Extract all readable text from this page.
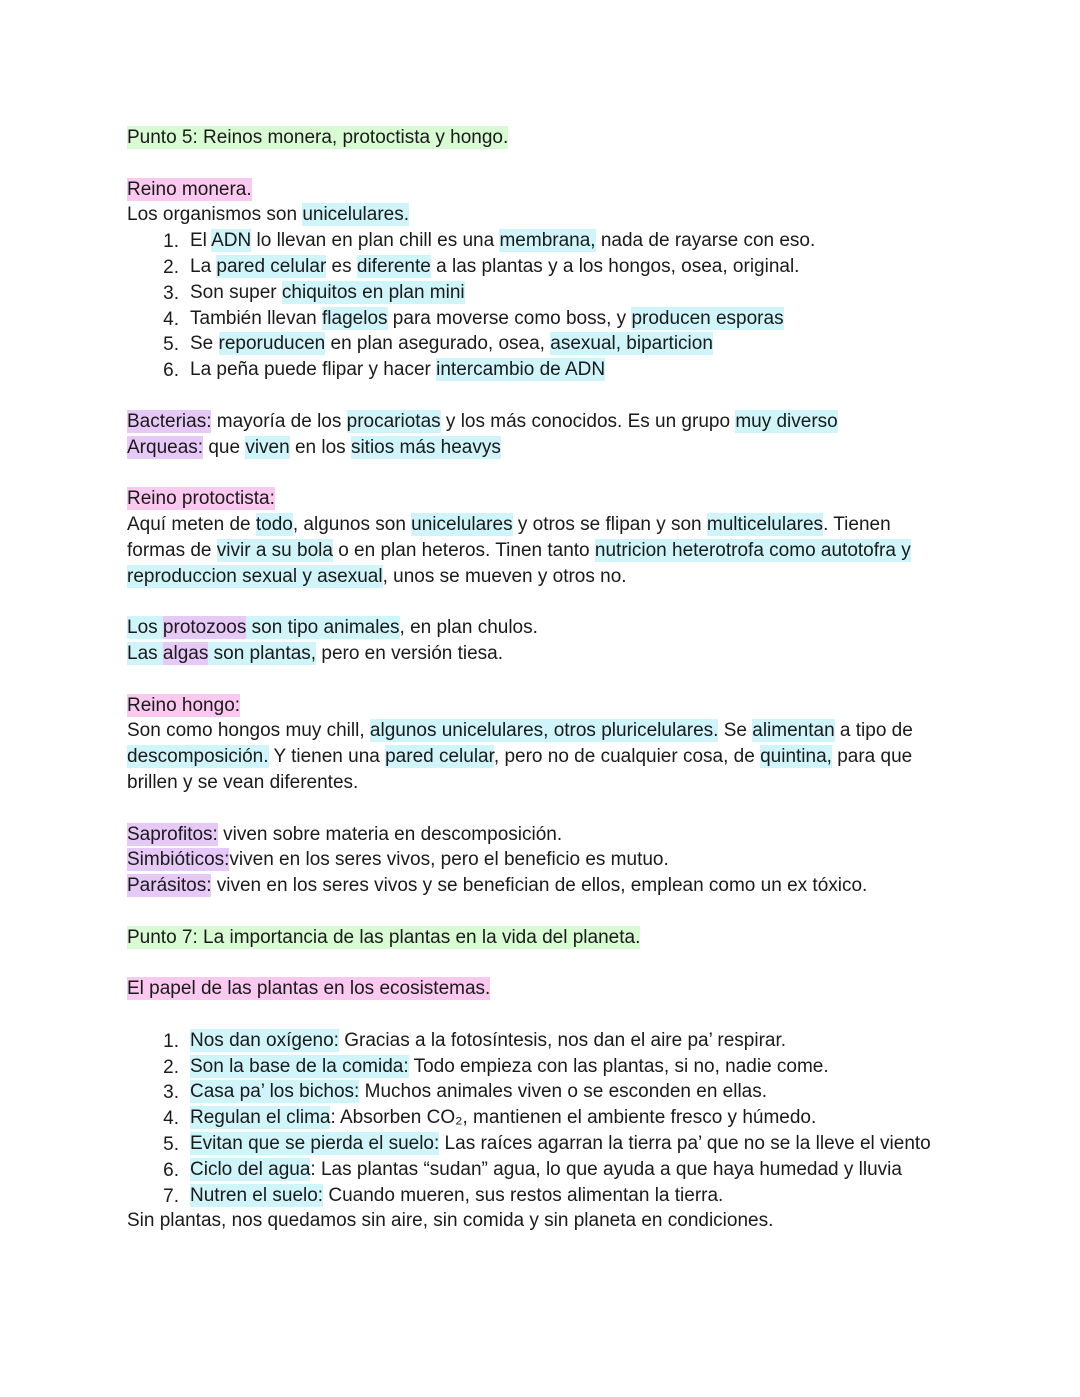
Punto 5: Reinos monera, protoctista y hongo.
Reino monera.
Los organismos son unicelulares.
1. El ADN lo llevan en plan chill es una membrana, nada de rayarse con eso.
2. La pared celular es diferente a las plantas y a los hongos, osea, original.
3. Son super chiquitos en plan mini
4. También llevan flagelos para moverse como boss, y producen esporas
5. Se reporuducen en plan asegurado, osea, asexual, biparticion
6. La peña puede flipar y hacer intercambio de ADN
Bacterias: mayoría de los procariotas y los más conocidos. Es un grupo muy diverso
Arqueas: que viven en los sitios más heavys
Reino protoctista:
Aquí meten de todo, algunos son unicelulares y otros se flipan y son multicelulares. Tienen
formas de vivir a su bola o en plan heteros. Tinen tanto nutricion heterotrofa como autotofra y
reproduccion sexual y asexual, unos se mueven y otros no.
Los protozoos son tipo animales, en plan chulos.
Las algas son plantas, pero en versión tiesa.
Reino hongo:
Son como hongos muy chill, algunos unicelulares, otros pluricelulares. Se alimentan a tipo de
descomposición. Y tienen una pared celular, pero no de cualquier cosa, de quintina, para que
brillen y se vean diferentes.
Saprofitos: viven sobre materia en descomposición.
Simbióticos:viven en los seres vivos, pero el beneficio es mutuo.
Parásitos: viven en los seres vivos y se benefician de ellos, emplean como un ex tóxico.
Punto 7: La importancia de las plantas en la vida del planeta.
El papel de las plantas en los ecosistemas.
1. Nos dan oxígeno: Gracias a la fotosíntesis, nos dan el aire pa’ respirar.
2. Son la base de la comida: Todo empieza con las plantas, si no, nadie come.
3. Casa pa’ los bichos: Muchos animales viven o se esconden en ellas.
4. Regulan el clima: Absorben CO₂, mantienen el ambiente fresco y húmedo.
5. Evitan que se pierda el suelo: Las raíces agarran la tierra pa’ que no se la lleve el viento
6. Ciclo del agua: Las plantas “sudan” agua, lo que ayuda a que haya humedad y lluvia
7. Nutren el suelo: Cuando mueren, sus restos alimentan la tierra.
Sin plantas, nos quedamos sin aire, sin comida y sin planeta en condiciones.
